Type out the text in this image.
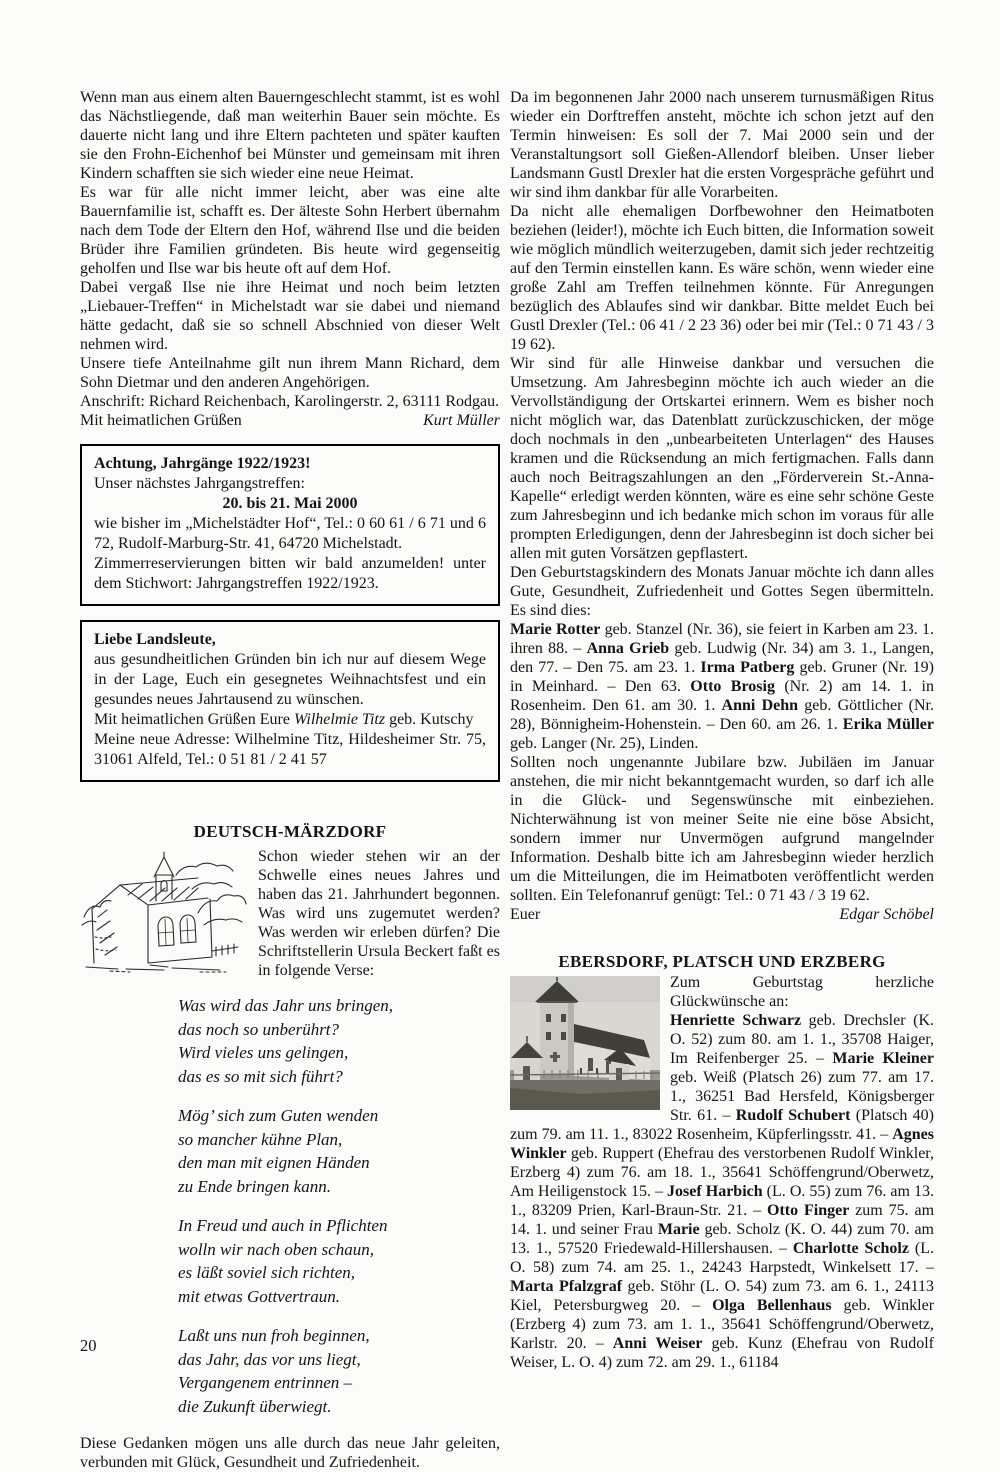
Wenn man aus einem alten Bauerngeschlecht stammt, ist es wohl das Nächstliegende, daß man weiterhin Bauer sein möchte. Es dauerte nicht lang und ihre Eltern pachteten und später kauften sie den Frohn-Eichenhof bei Münster und gemeinsam mit ihren Kindern schafften sie sich wieder eine neue Heimat.

Es war für alle nicht immer leicht, aber was eine alte Bauernfamilie ist, schafft es. Der älteste Sohn Herbert übernahm nach dem Tode der Eltern den Hof, während Ilse und die beiden Brüder ihre Familien gründeten. Bis heute wird gegenseitig geholfen und Ilse war bis heute oft auf dem Hof.

Dabei vergaß Ilse nie ihre Heimat und noch beim letzten „Liebauer-Treffen“ in Michelstadt war sie dabei und niemand hätte gedacht, daß sie so schnell Abschnied von dieser Welt nehmen wird.

Unsere tiefe Anteilnahme gilt nun ihrem Mann Richard, dem Sohn Dietmar und den anderen Angehörigen.

Anschrift: Richard Reichenbach, Karolingerstr. 2, 63111 Rodgau.

Mit heimatlichen Grüßen	Kurt Müller
Achtung, Jahrgänge 1922/1923!
Unser nächstes Jahrgangstreffen:
20. bis 21. Mai 2000

wie bisher im „Michelstädter Hof“, Tel.: 0 60 61 / 6 71 und 6 72, Rudolf-Marburg-Str. 41, 64720 Michelstadt.

Zimmerreservierungen bitten wir bald anzumelden! unter dem Stichwort: Jahrgangstreffen 1922/1923.

Liebe Landsleute,

aus gesundheitlichen Gründen bin ich nur auf diesem Wege in der Lage, Euch ein gesegnetes Weihnachtsfest und ein gesundes neues Jahrtausend zu wünschen.

Mit heimatlichen Grüßen Eure Wilhelmie Titz geb. Kutschy

Meine neue Adresse: Wilhelmine Titz, Hildesheimer Str. 75, 31061 Alfeld, Tel.: 0 51 81 / 2 41 57

DEUTSCH-MÄRZDORF

Schon wieder stehen wir an der Schwelle eines neues Jahres und haben das 21. Jahrhundert begonnen. Was wird uns zugemutet werden? Was werden wir erleben dürfen? Die Schriftstellerin Ursula Beckert faßt es in folgende Verse:

Was wird das Jahr uns bringen,
das noch so unberührt?
Wird vieles uns gelingen,
das es so mit sich führt?
Mög’ sich zum Guten wenden
so mancher kühne Plan,
den man mit eignen Händen
zu Ende bringen kann.
In Freud und auch in Pflichten
wolln wir nach oben schaun,
es läßt soviel sich richten,
mit etwas Gottvertraun.
Laßt uns nun froh beginnen,
das Jahr, das vor uns liegt,
Vergangenem entrinnen –
die Zukunft überwiegt.

Diese Gedanken mögen uns alle durch das neue Jahr geleiten, verbunden mit Glück, Gesundheit und Zufriedenheit.

Da im begonnenen Jahr 2000 nach unserem turnusmäßigen Ritus wieder ein Dorftreffen ansteht, möchte ich schon jetzt auf den Termin hinweisen: Es soll der 7. Mai 2000 sein und der Veranstaltungsort soll Gießen-Allendorf bleiben. Unser lieber Landsmann Gustl Drexler hat die ersten Vorgespräche geführt und wir sind ihm dankbar für alle Vorarbeiten.

Da nicht alle ehemaligen Dorfbewohner den Heimatboten beziehen (leider!), möchte ich Euch bitten, die Information soweit wie möglich mündlich weiterzugeben, damit sich jeder rechtzeitig auf den Termin einstellen kann. Es wäre schön, wenn wieder eine große Zahl am Treffen teilnehmen könnte. Für Anregungen bezüglich des Ablaufes sind wir dankbar. Bitte meldet Euch bei Gustl Drexler (Tel.: 06 41 / 2 23 36) oder bei mir (Tel.: 0 71 43 / 3 19 62).

Wir sind für alle Hinweise dankbar und versuchen die Umsetzung. Am Jahresbeginn möchte ich auch wieder an die Vervollständigung der Ortskartei erinnern. Wem es bisher noch nicht möglich war, das Datenblatt zurückzuschicken, der möge doch nochmals in den „unbearbeiteten Unterlagen“ des Hauses kramen und die Rücksendung an mich fertigmachen. Falls dann auch noch Beitragszahlungen an den „Förderverein St.-Anna-Kapelle“ erledigt werden könnten, wäre es eine sehr schöne Geste zum Jahresbeginn und ich bedanke mich schon im voraus für alle prompten Erledigungen, denn der Jahresbeginn ist doch sicher bei allen mit guten Vorsätzen gepflastert.

Den Geburtstagskindern des Monats Januar möchte ich dann alles Gute, Gesundheit, Zufriedenheit und Gottes Segen übermitteln. Es sind dies:

Marie Rotter geb. Stanzel (Nr. 36), sie feiert in Karben am 23. 1. ihren 88. – Anna Grieb geb. Ludwig (Nr. 34) am 3. 1., Langen, den 77. – Den 75. am 23. 1. Irma Patberg geb. Gruner (Nr. 19) in Meinhard. – Den 63. Otto Brosig (Nr. 2) am 14. 1. in Rosenheim. Den 61. am 30. 1. Anni Dehn geb. Göttlicher (Nr. 28), Bönnigheim-Hohenstein. – Den 60. am 26. 1. Erika Müller geb. Langer (Nr. 25), Linden.

Sollten noch ungenannte Jubilare bzw. Jubiläen im Januar anstehen, die mir nicht bekanntgemacht wurden, so darf ich alle in die Glück- und Segenswünsche mit einbeziehen. Nichterwähnung ist von meiner Seite nie eine böse Absicht, sondern immer nur Unvermögen aufgrund mangelnder Information. Deshalb bitte ich am Jahresbeginn wieder herzlich um die Mitteilungen, die im Heimatboten veröffentlicht werden sollten. Ein Telefonanruf genügt: Tel.: 0 71 43 / 3 19 62.

Euer	Edgar Schöbel
EBERSDORF, PLATSCH UND ERZBERG

Zum Geburtstag herzliche Glückwünsche an:

Henriette Schwarz geb. Drechsler (K. O. 52) zum 80. am 1. 1., 35708 Haiger, Im Reifenberger 25. – Marie Kleiner geb. Weiß (Platsch 26) zum 77. am 17. 1., 36251 Bad Hersfeld, Königsberger Str. 61. – Rudolf Schubert (Platsch 40) zum 79. am 11. 1., 83022 Rosenheim, Küpferlingsstr. 41. – Agnes Winkler geb. Ruppert (Ehefrau des verstorbenen Rudolf Winkler, Erzberg 4) zum 76. am 18. 1., 35641 Schöffengrund/Oberwetz, Am Heiligenstock 15. – Josef Harbich (L. O. 55) zum 76. am 13. 1., 83209 Prien, Karl-Braun-Str. 21. – Otto Finger zum 75. am 14. 1. und seiner Frau Marie geb. Scholz (K. O. 44) zum 70. am 13. 1., 57520 Friedewald-Hillershausen. – Charlotte Scholz (L. O. 58) zum 74. am 25. 1., 24243 Harpstedt, Winkelsett 17. – Marta Pfalzgraf geb. Stöhr (L. O. 54) zum 73. am 6. 1., 24113 Kiel, Petersburgweg 20. – Olga Bellenhaus geb. Winkler (Erzberg 4) zum 73. am 1. 1., 35641 Schöffengrund/Oberwetz, Karlstr. 20. – Anni Weiser geb. Kunz (Ehefrau von Rudolf Weiser, L. O. 4) zum 72. am 29. 1., 61184

20
